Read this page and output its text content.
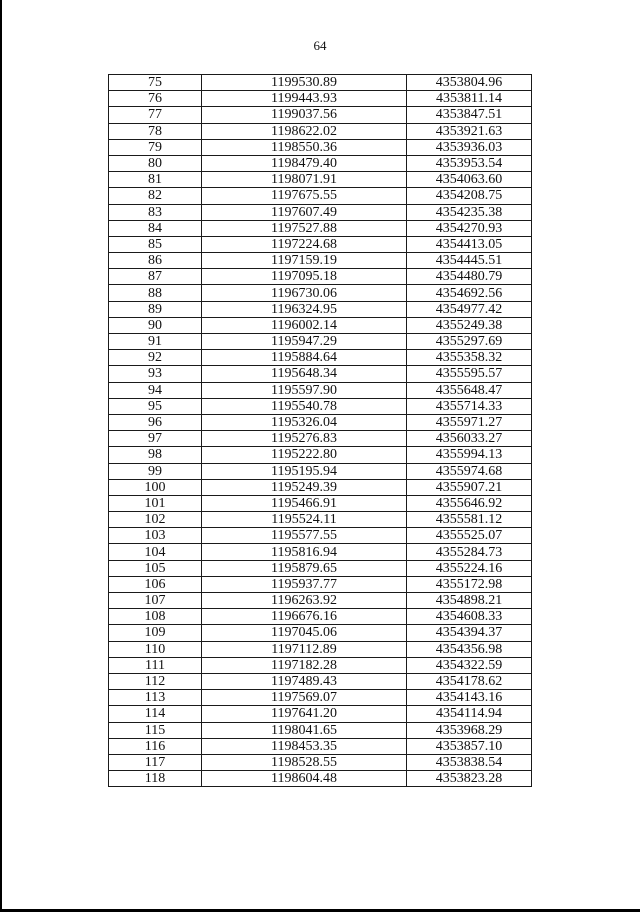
64
75	1199530.89	4353804.96
76	1199443.93	4353811.14
77	1199037.56	4353847.51
78	1198622.02	4353921.63
79	1198550.36	4353936.03
80	1198479.40	4353953.54
81	1198071.91	4354063.60
82	1197675.55	4354208.75
83	1197607.49	4354235.38
84	1197527.88	4354270.93
85	1197224.68	4354413.05
86	1197159.19	4354445.51
87	1197095.18	4354480.79
88	1196730.06	4354692.56
89	1196324.95	4354977.42
90	1196002.14	4355249.38
91	1195947.29	4355297.69
92	1195884.64	4355358.32
93	1195648.34	4355595.57
94	1195597.90	4355648.47
95	1195540.78	4355714.33
96	1195326.04	4355971.27
97	1195276.83	4356033.27
98	1195222.80	4355994.13
99	1195195.94	4355974.68
100	1195249.39	4355907.21
101	1195466.91	4355646.92
102	1195524.11	4355581.12
103	1195577.55	4355525.07
104	1195816.94	4355284.73
105	1195879.65	4355224.16
106	1195937.77	4355172.98
107	1196263.92	4354898.21
108	1196676.16	4354608.33
109	1197045.06	4354394.37
110	1197112.89	4354356.98
111	1197182.28	4354322.59
112	1197489.43	4354178.62
113	1197569.07	4354143.16
114	1197641.20	4354114.94
115	1198041.65	4353968.29
116	1198453.35	4353857.10
117	1198528.55	4353838.54
118	1198604.48	4353823.28
